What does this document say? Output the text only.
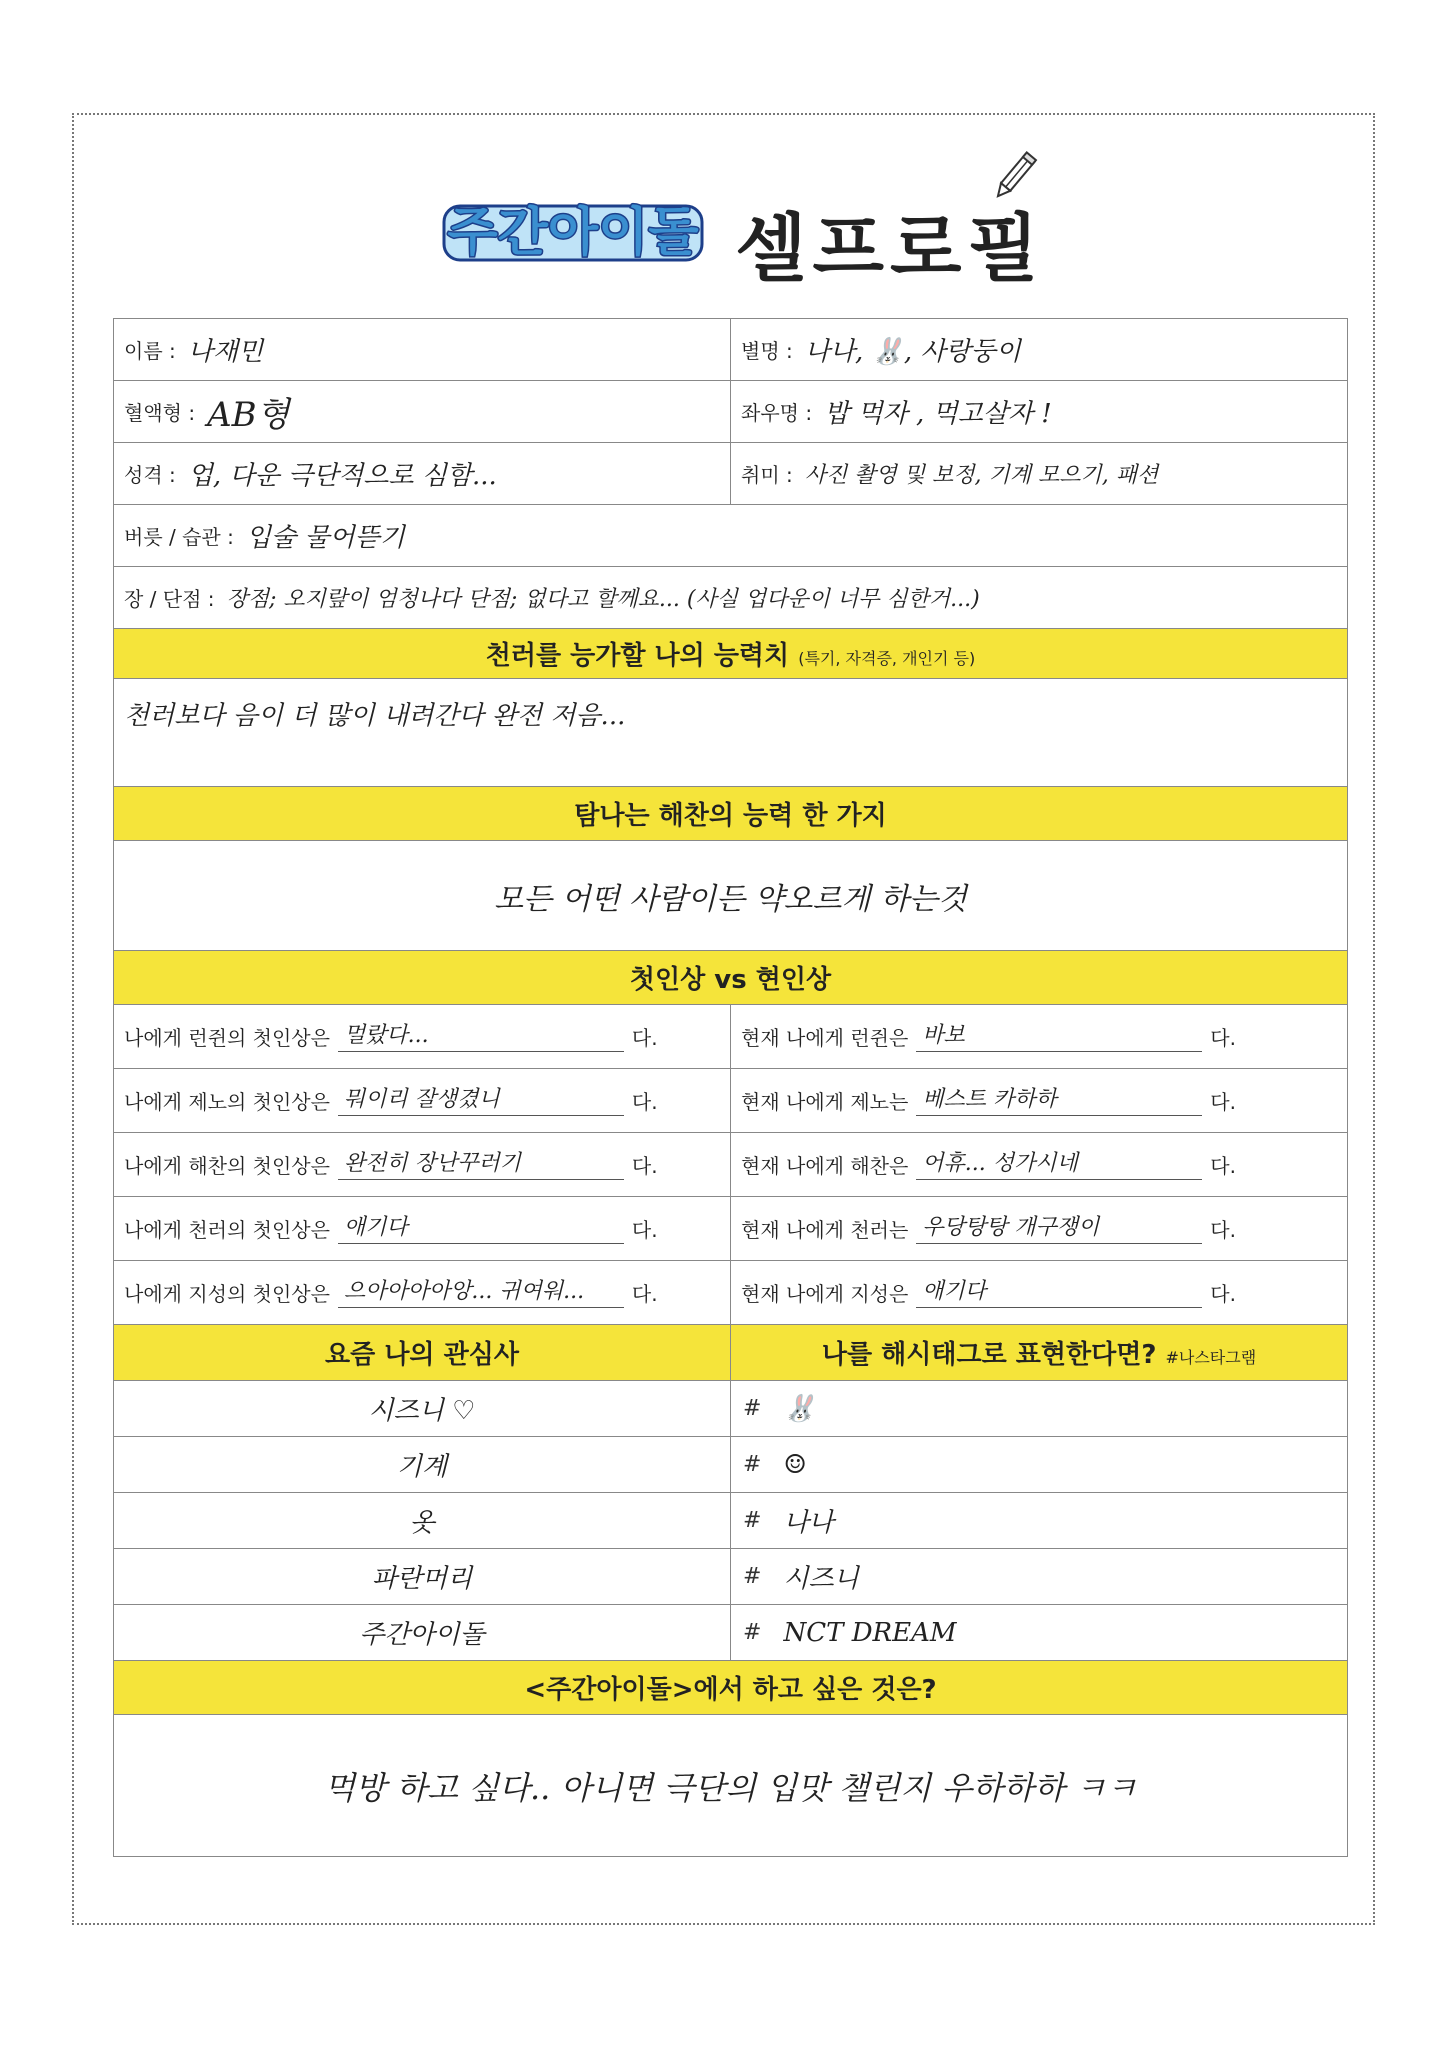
주간아이돌 셀프로필
이름 : 나재민	별명 : 나나, 🐰, 사랑둥이

혈액형 : AB형	좌우명 : 밥 먹자 , 먹고살자 !

성격 : 업, 다운 극단적으로 심함...	취미 : 사진 촬영 및 보정, 기계 모으기, 패션

버릇 / 습관 : 입술 물어뜯기	

장 / 단점 : 장점; 오지랖이 엄청나다 단점; 없다고 할께요... (사실 업다운이 너무 심한거...)	

천러를 능가할 나의 능력치 (특기, 자격증, 개인기 등)	

천러보다 음이 더 많이 내려간다 완전 저음...	

탐나는 해찬의 능력 한 가지	
모든 어떤 사람이든 약오르게 하는것	
첫인상 vs 현인상	

나에게 런쥔의 첫인상은 멀랐다... 다.	현재 나에게 런쥔은 바보 다.

나에게 제노의 첫인상은 뭐이리 잘생겼니 다.	현재 나에게 제노는 베스트 카하하 다.

나에게 해찬의 첫인상은 완전히 장난꾸러기 다.	현재 나에게 해찬은 어휴... 성가시네 다.

나에게 천러의 첫인상은 애기다 다.	현재 나에게 천러는 우당탕탕 개구쟁이 다.

나에게 지성의 첫인상은 으아아아아앙... 귀여워... 다.	현재 나에게 지성은 애기다 다.

요즘 나의 관심사	나를 해시태그로 표현한다면? #나스타그램
시즈니 ♡	# 🐰

기계	# ☺

옷	# 나나

파란머리	# 시즈니

주간아이돌	# NCT DREAM

<주간아이돌>에서 하고 싶은 것은?	
먹방 하고 싶다.. 아니면 극단의 입맛 챌린지 우하하하 ㅋㅋ	
